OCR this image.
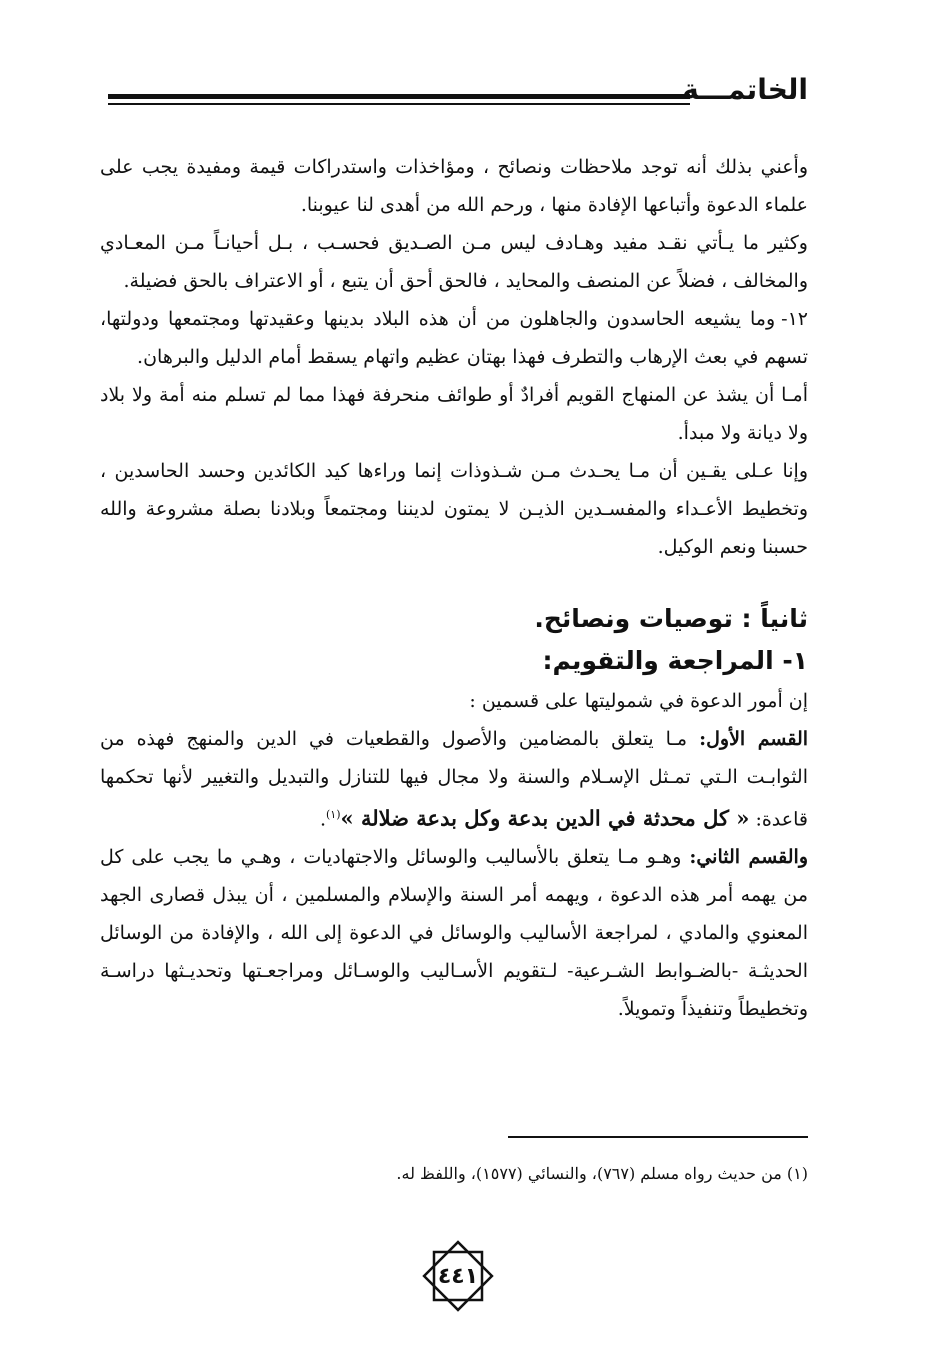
الخاتمـــة

وأعني بذلك أنه توجد ملاحظات ونصائح ، ومؤاخذات واستدراكات قيمة ومفيدة يجب على علماء الدعوة وأتباعها الإفادة منها ، ورحم الله من أهدى لنا عيوبنا.

وكثير ما يـأتي نقـد مفيد وهـادف ليس مـن الصـديق فحسـب ، بـل أحيانـاً مـن المعـادي والمخالف ، فضلاً عن المنصف والمحايد ، فالحق أحق أن يتبع ، أو الاعتراف بالحق فضيلة.

١٢-وما يشيعه الحاسدون والجاهلون من أن هذه البلاد بدينها وعقيدتها ومجتمعها ودولتها، تسهم في بعث الإرهاب والتطرف فهذا بهتان عظيم واتهام يسقط أمام الدليل والبرهان.

أمـا أن يشذ عن المنهاج القويم أفرادٌ أو طوائف منحرفة فهذا مما لم تسلم منه أمة ولا بلاد ولا ديانة ولا مبدأ.

وإنا عـلى يقـين أن مـا يحـدث مـن شـذوذات إنما وراءها كيد الكائدين وحسد الحاسدين ، وتخطيط الأعـداء والمفسـدين الذيـن لا يمتون لديننا ومجتمعاً وبلادنا بصلة مشروعة والله حسبنا ونعم الوكيل.

ثانياً : توصيات ونصائح.

١- المراجعة والتقويم:

إن أمور الدعوة في شموليتها على قسمين :

القسم الأول: مـا يتعلق بالمضامين والأصول والقطعيات في الدين والمنهج فهذه من الثوابـت الـتي تمـثل الإسـلام والسنة ولا مجال فيها للتنازل والتبديل والتغيير لأنها تحكمها قاعدة: « كل محدثة في الدين بدعة وكل بدعة ضلالة »$^{(١)}$.

والقسم الثاني: وهـو مـا يتعلق بالأساليب والوسائل والاجتهاديات ، وهـي ما يجب على كل من يهمه أمر هذه الدعوة ، ويهمه أمر السنة والإسلام والمسلمين ، أن يبذل قصارى الجهد المعنوي والمادي ، لمراجعة الأساليب والوسائل في الدعوة إلى الله ، والإفادة من الوسائل الحديثـة -بالضـوابط الشـرعية- لـتقويم الأسـاليب والوسـائل ومراجعـتها وتحديـثها دراسـة وتخطيطاً وتنفيذاً وتمويلاً.

(١) من حديث رواه مسلم (٧٦٧)، والنسائي (١٥٧٧)، واللفظ له.
٤٤١
